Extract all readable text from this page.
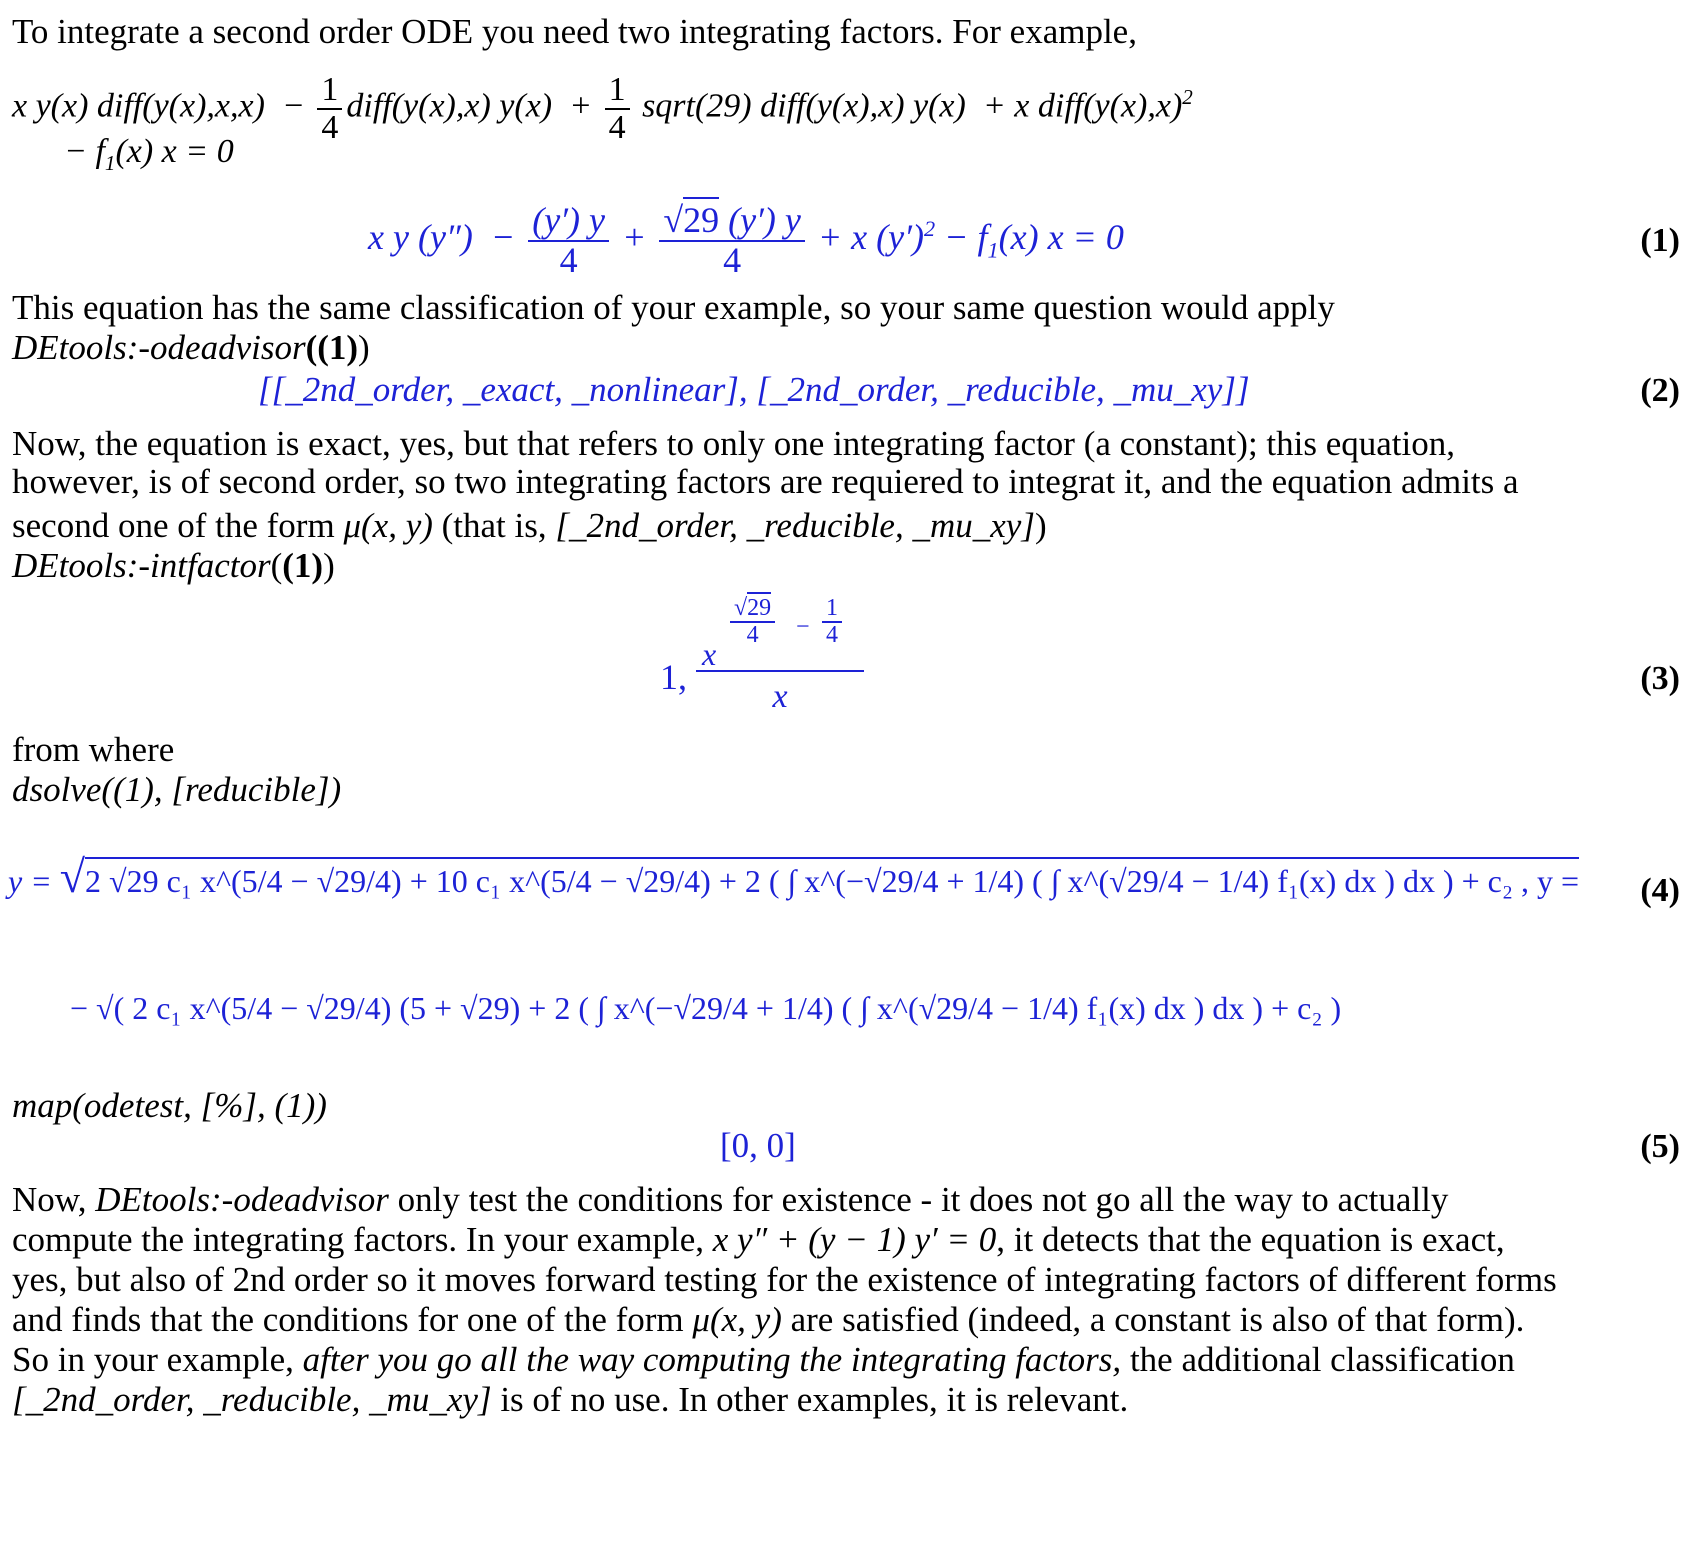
To integrate a second order ODE you need two integrating factors. For example,
x y(x) diff(y(x),x,x)  − $\frac{1}{4}$ diff(y(x),x) $y(x) + \frac{1}{4}$ sqrt(29) diff(y(x),x) y(x)  + x $diff(y(x),x)^2$
− $f_1(x) x = 0$
x y $(y'') - \frac{(y') y}{4} + \frac{√29 (y') y}{4} + x$ $(y')^2 - f_1(x) x = 0$	(1)
This equation has the same classification of your example, so your same question would apply
DEtools:-odeadvisor((1))
[[_2nd_order, _exact, _nonlinear], [_2nd_order, _reducible, _mu_xy]]	(2)
Now, the equation is exact, yes, but that refers to only one integrating factor (a constant); this equation,
however, is of second order, so two integrating factors are requiered to integrat it, and the equation admits a
second one of the form μ(x, y) (that is, [_2nd_order, _reducible, _mu_xy])
DEtools:-intfactor((1))
1,
x
√29
4	−
1
4
x	(3)
from where
dsolve((1), [reducible])
y = √2 √29 c₁ x^(5/4 − √29/4) + 10 c₁ x^(5/4 − √29/4) + 2 ( ∫ x^(−√29/4 + 1/4) ( ∫ x^(√29/4 − 1/4) f₁(x) dx ) dx ) + c₂ , y = (4)
− √( 2 c₁ x^(5/4 − √29/4) (5 + √29) + 2 ( ∫ x^(−√29/4 + 1/4) ( ∫ x^(√29/4 − 1/4) f₁(x) dx ) dx ) + c₂ )
map(odetest, [%], (1))
[0, 0]	(5)
Now, DEtools:-odeadvisor only test the conditions for existence - it does not go all the way to actually
compute the integrating factors. In your example, x y″ + (y − 1) y′ = 0, it detects that the equation is exact,
yes, but also of 2nd order so it moves forward testing for the existence of integrating factors of different forms
and finds that the conditions for one of the form μ(x, y) are satisfied (indeed, a constant is also of that form).
So in your example, after you go all the way computing the integrating factors, the additional classification
[_2nd_order, _reducible, _mu_xy] is of no use. In other examples, it is relevant.
